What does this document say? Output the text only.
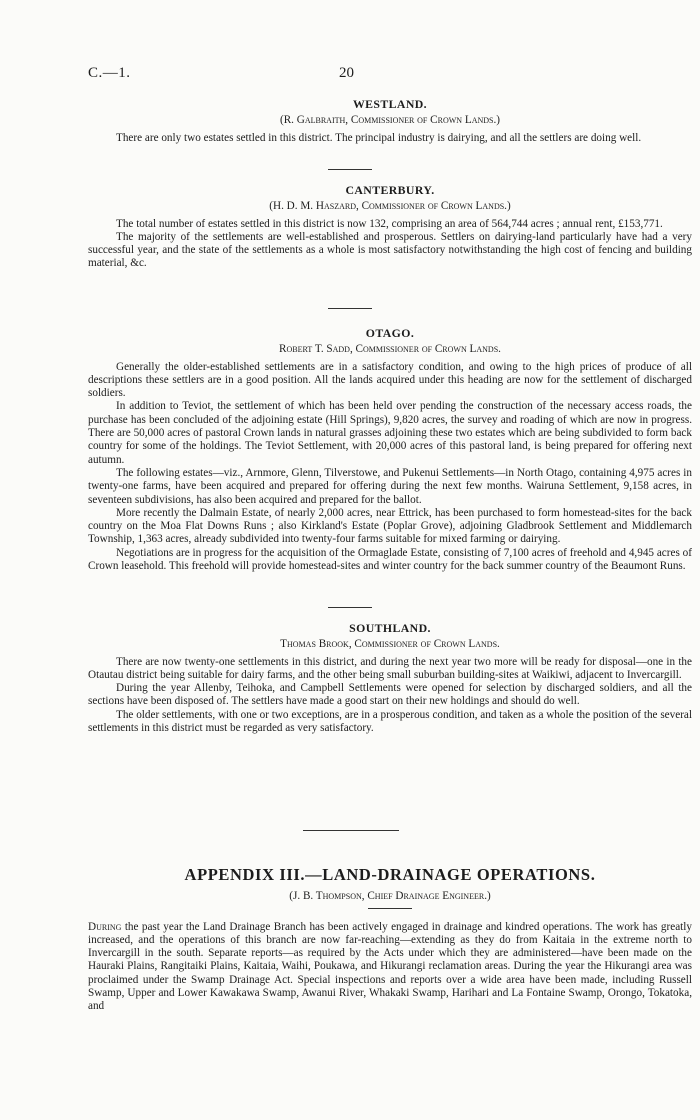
C.—1.	20
WESTLAND.
(R. Galbraith, Commissioner of Crown Lands.)

There are only two estates settled in this district. The principal industry is dairying, and all the settlers are doing well.

CANTERBURY.
(H. D. M. Haszard, Commissioner of Crown Lands.)

The total number of estates settled in this district is now 132, comprising an area of 564,744 acres ; annual rent, £153,771.

The majority of the settlements are well-established and prosperous. Settlers on dairying-land particularly have had a very successful year, and the state of the settlements as a whole is most satisfactory notwithstanding the high cost of fencing and building material, &c.

OTAGO.
Robert T. Sadd, Commissioner of Crown Lands.

Generally the older-established settlements are in a satisfactory condition, and owing to the high prices of produce of all descriptions these settlers are in a good position. All the lands acquired under this heading are now for the settlement of discharged soldiers.

In addition to Teviot, the settlement of which has been held over pending the construction of the necessary access roads, the purchase has been concluded of the adjoining estate (Hill Springs), 9,820 acres, the survey and roading of which are now in progress. There are 50,000 acres of pastoral Crown lands in natural grasses adjoining these two estates which are being subdivided to form back country for some of the holdings. The Teviot Settlement, with 20,000 acres of this pastoral land, is being prepared for offering next autumn.

The following estates—viz., Arnmore, Glenn, Tilverstowe, and Pukenui Settlements—in North Otago, containing 4,975 acres in twenty-one farms, have been acquired and prepared for offering during the next few months. Wairuna Settlement, 9,158 acres, in seventeen subdivisions, has also been acquired and prepared for the ballot.

More recently the Dalmain Estate, of nearly 2,000 acres, near Ettrick, has been purchased to form homestead-sites for the back country on the Moa Flat Downs Runs ; also Kirkland's Estate (Poplar Grove), adjoining Gladbrook Settlement and Middlemarch Township, 1,363 acres, already subdivided into twenty-four farms suitable for mixed farming or dairying.

Negotiations are in progress for the acquisition of the Ormaglade Estate, consisting of 7,100 acres of freehold and 4,945 acres of Crown leasehold. This freehold will provide homestead-sites and winter country for the back summer country of the Beaumont Runs.

SOUTHLAND.
Thomas Brook, Commissioner of Crown Lands.

There are now twenty-one settlements in this district, and during the next year two more will be ready for disposal—one in the Otautau district being suitable for dairy farms, and the other being small suburban building-sites at Waikiwi, adjacent to Invercargill.

During the year Allenby, Teihoka, and Campbell Settlements were opened for selection by discharged soldiers, and all the sections have been disposed of. The settlers have made a good start on their new holdings and should do well.

The older settlements, with one or two exceptions, are in a prosperous condition, and taken as a whole the position of the several settlements in this district must be regarded as very satisfactory.

APPENDIX III.—LAND-DRAINAGE OPERATIONS.
(J. B. Thompson, Chief Drainage Engineer.)

During the past year the Land Drainage Branch has been actively engaged in drainage and kindred operations. The work has greatly increased, and the operations of this branch are now far-reaching—extending as they do from Kaitaia in the extreme north to Invercargill in the south. Separate reports—as required by the Acts under which they are administered—have been made on the Hauraki Plains, Rangitaiki Plains, Kaitaia, Waihi, Poukawa, and Hikurangi reclamation areas. During the year the Hikurangi area was proclaimed under the Swamp Drainage Act. Special inspections and reports over a wide area have been made, including Russell Swamp, Upper and Lower Kawakawa Swamp, Awanui River, Whakaki Swamp, Harihari and La Fontaine Swamp, Orongo, Tokatoka, and
